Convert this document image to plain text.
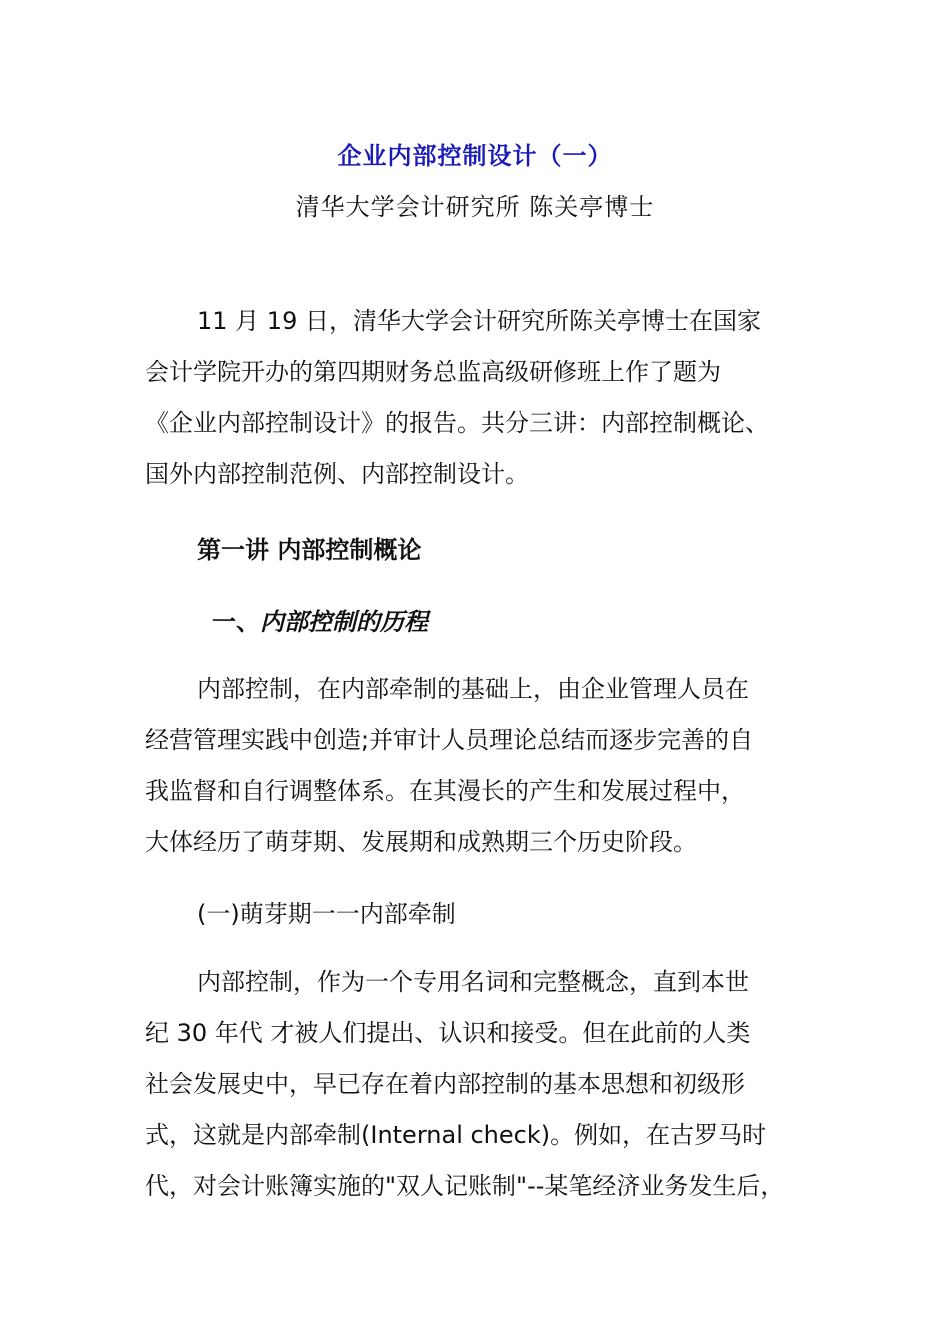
企业内部控制设计（一）
清华大学会计研究所 陈关亭博士
11 月 19 日，清华大学会计研究所陈关亭博士在国家
会计学院开办的第四期财务总监高级研修班上作了题为
《企业内部控制设计》的报告。共分三讲：内部控制概论、
国外内部控制范例、内部控制设计。
第一讲 内部控制概论
一、内部控制的历程
内部控制，在内部牵制的基础上，由企业管理人员在
经营管理实践中创造;并审计人员理论总结而逐步完善的自
我监督和自行调整体系。在其漫长的产生和发展过程中，
大体经历了萌芽期、发展期和成熟期三个历史阶段。
(一)萌芽期一一内部牵制
内部控制，作为一个专用名词和完整概念，直到本世
纪 30 年代 才被人们提出、认识和接受。但在此前的人类
社会发展史中，早已存在着内部控制的基本思想和初级形
式，这就是内部牵制(Internal check)。例如，在古罗马时
代，对会计账簿实施的"双人记账制"--某笔经济业务发生后，
